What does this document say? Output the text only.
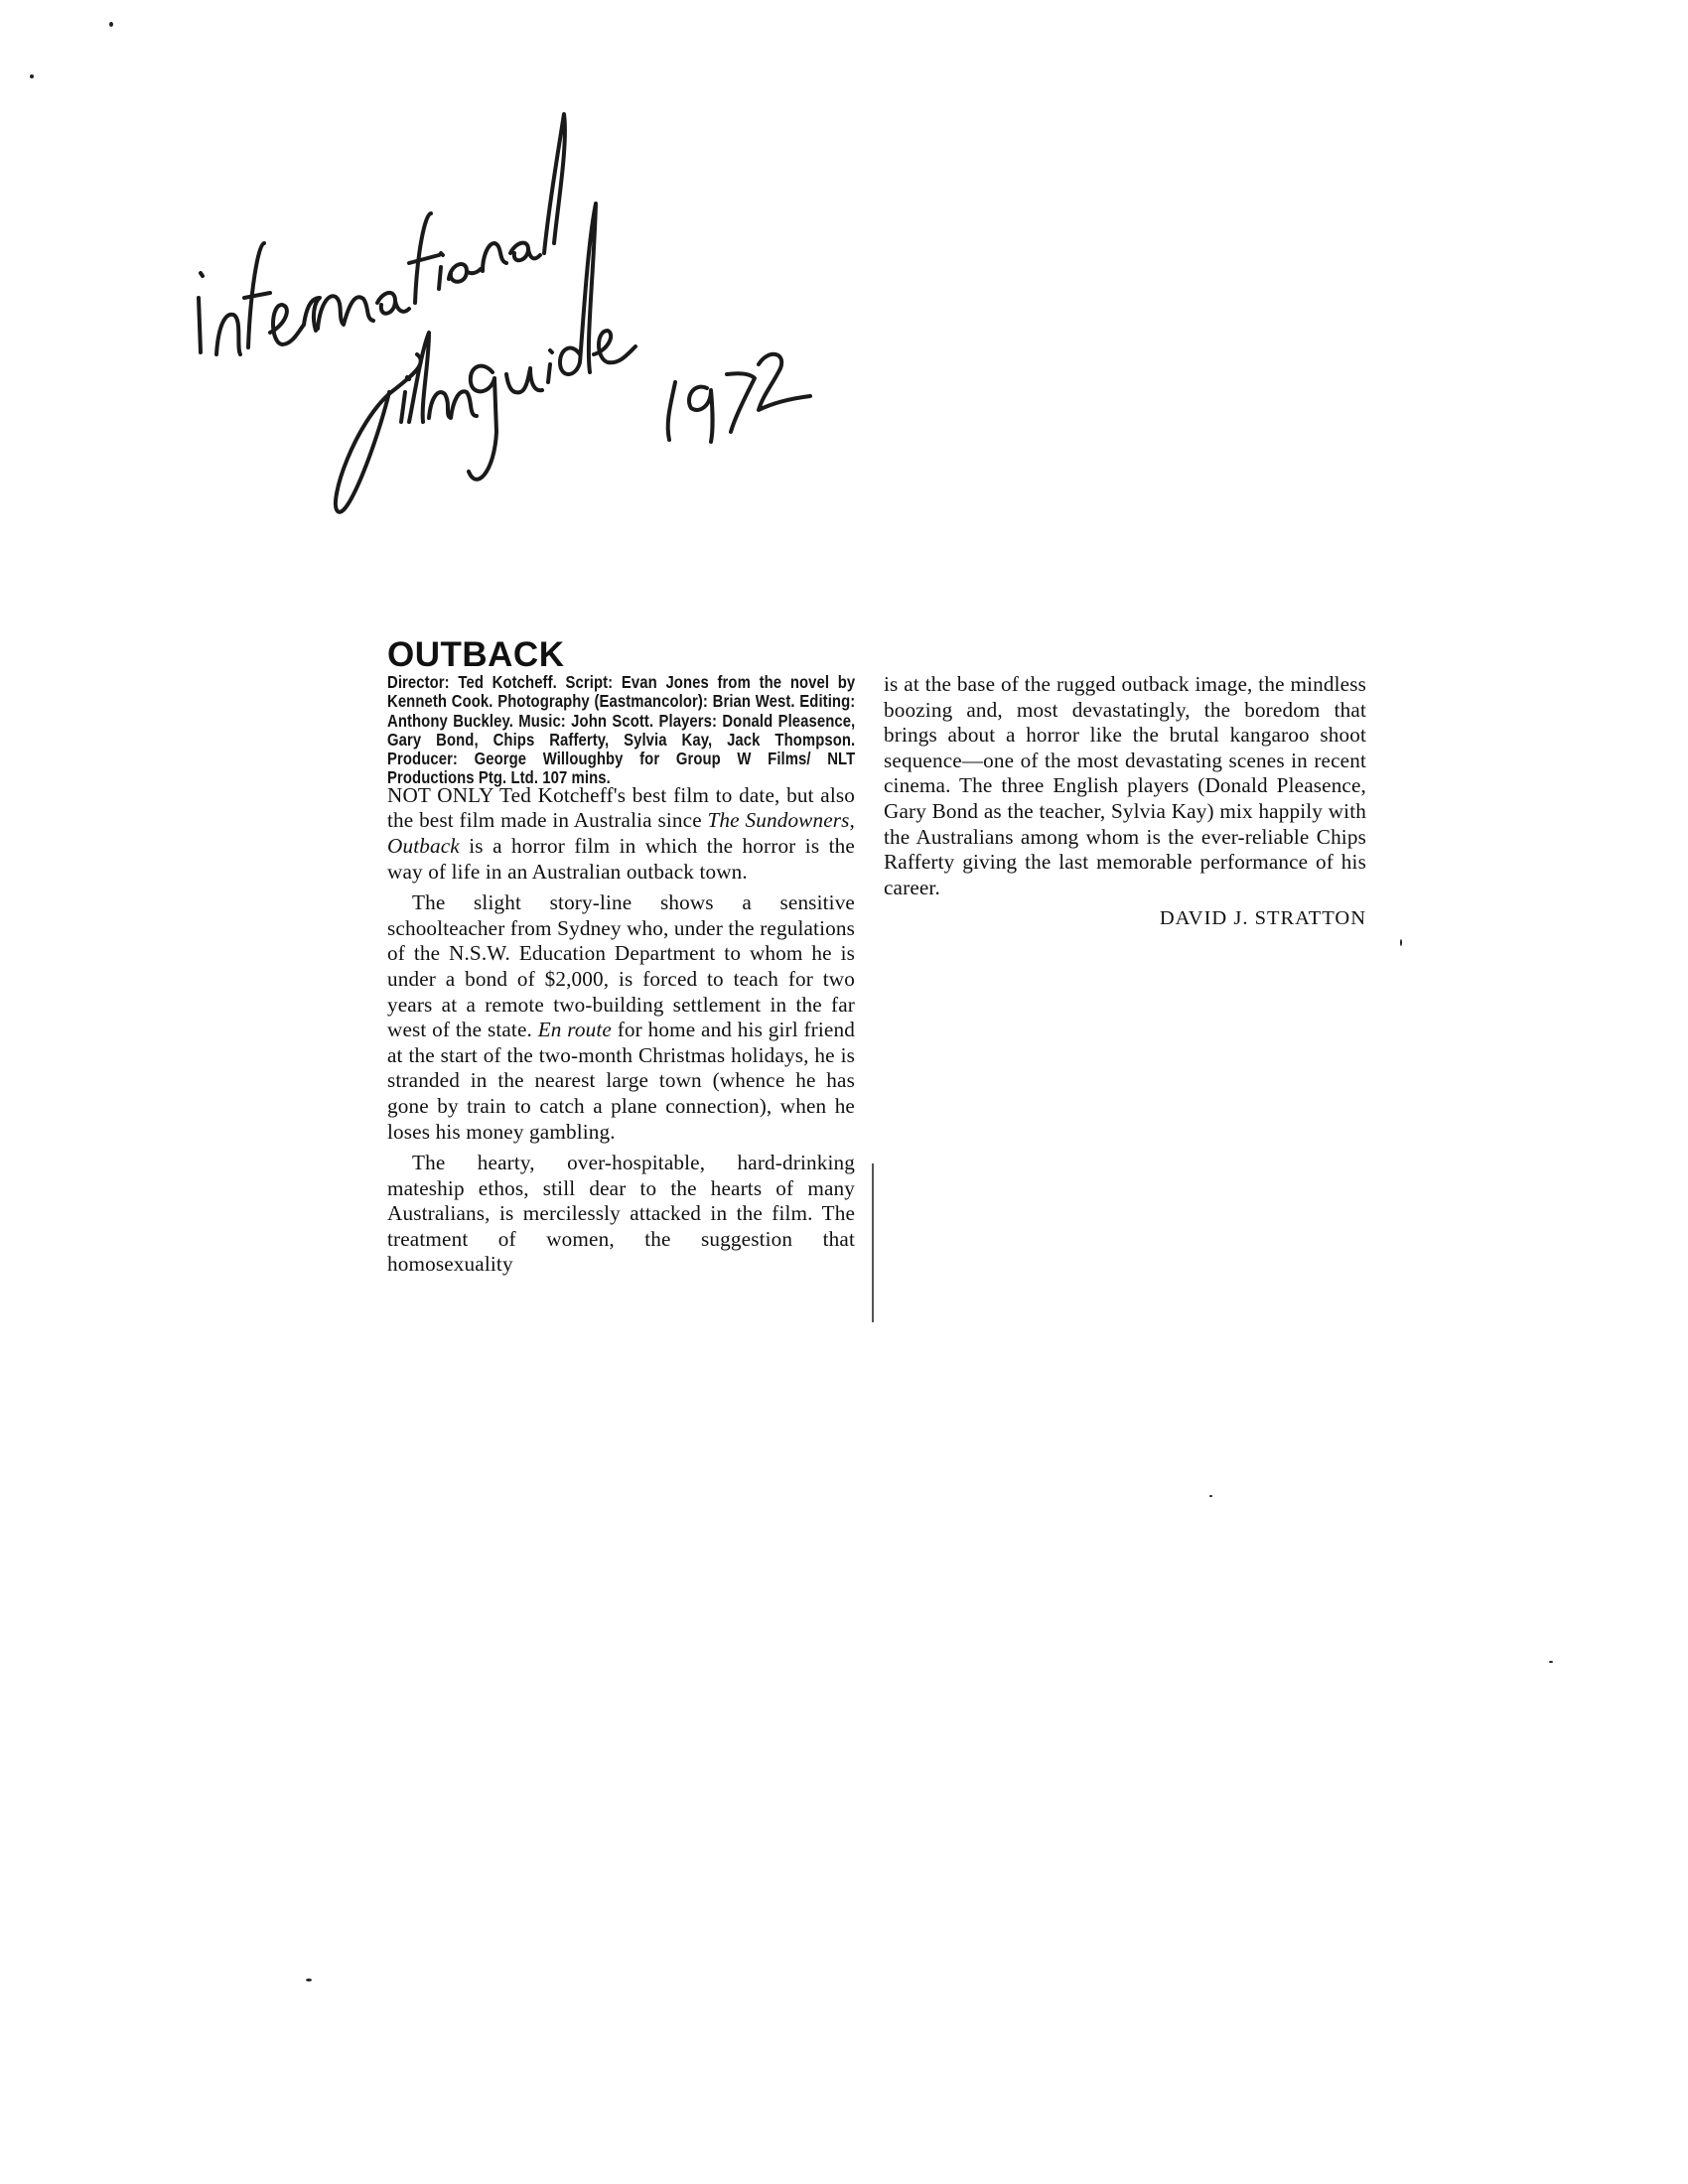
OUTBACK

Director: Ted Kotcheff. Script: Evan Jones from the novel by Kenneth Cook. Photography (Eastmancolor): Brian West. Editing: Anthony Buckley. Music: John Scott. Players: Donald Pleasence, Gary Bond, Chips Rafferty, Sylvia Kay, Jack Thompson. Producer: George Willoughby for Group W Films/ NLT Productions Ptg. Ltd. 107 mins.

NOT ONLY Ted Kotcheff's best film to date, but also the best film made in Australia since The Sundowners, Outback is a horror film in which the horror is the way of life in an Australian outback town.

The slight story-line shows a sensitive schoolteacher from Sydney who, under the regulations of the N.S.W. Education Department to whom he is under a bond of $2,000, is forced to teach for two years at a remote two-building settlement in the far west of the state. En route for home and his girl friend at the start of the two-month Christmas holidays, he is stranded in the nearest large town (whence he has gone by train to catch a plane connection), when he loses his money gambling.

The hearty, over-hospitable, hard-drinking mateship ethos, still dear to the hearts of many Australians, is mercilessly attacked in the film. The treatment of women, the suggestion that homosexuality

is at the base of the rugged outback image, the mindless boozing and, most devastatingly, the boredom that brings about a horror like the brutal kangaroo shoot sequence—one of the most devastating scenes in recent cinema. The three English players (Donald Pleasence, Gary Bond as the teacher, Sylvia Kay) mix happily with the Australians among whom is the ever-reliable Chips Rafferty giving the last memorable performance of his career.

DAVID J. STRATTON
